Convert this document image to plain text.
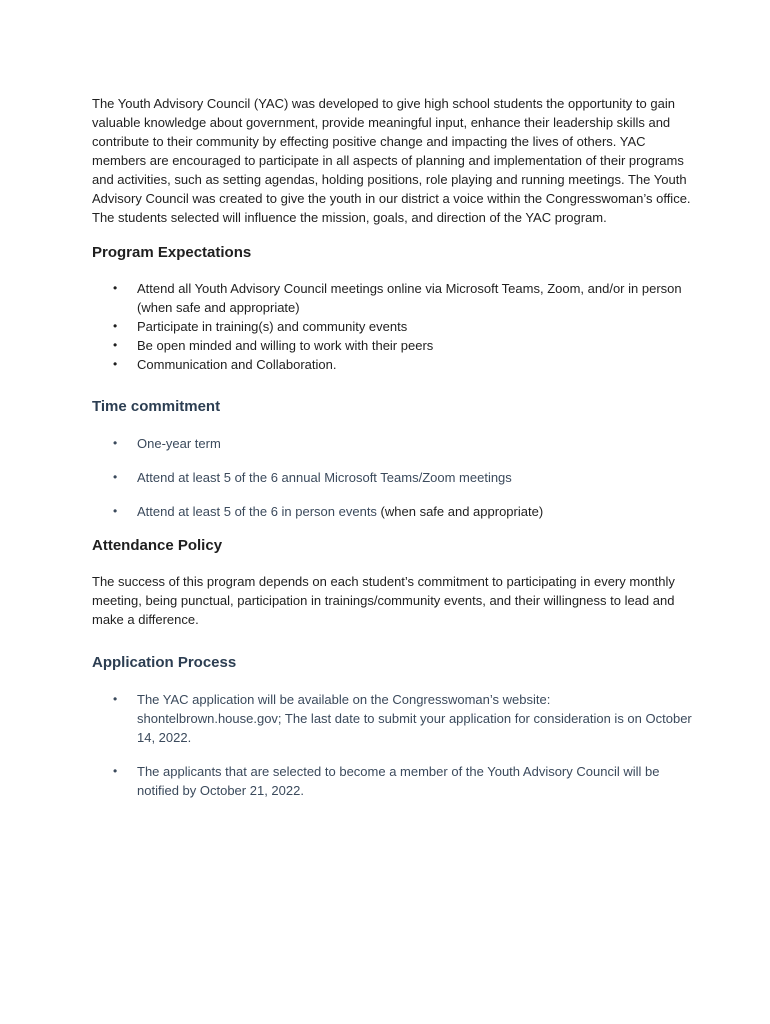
The Youth Advisory Council (YAC) was developed to give high school students the opportunity to gain valuable knowledge about government, provide meaningful input, enhance their leadership skills and contribute to their community by effecting positive change and impacting the lives of others. YAC members are encouraged to participate in all aspects of planning and implementation of their programs and activities, such as setting agendas, holding positions, role playing and running meetings. The Youth Advisory Council was created to give the youth in our district a voice within the Congresswoman’s office. The students selected will influence the mission, goals, and direction of the YAC program.

Program Expectations
• Attend all Youth Advisory Council meetings online via Microsoft Teams, Zoom, and/or in person (when safe and appropriate)
• Participate in training(s) and community events
• Be open minded and willing to work with their peers
• Communication and Collaboration.
Time commitment
• One-year term
• Attend at least 5 of the 6 annual Microsoft Teams/Zoom meetings
• Attend at least 5 of the 6 in person events (when safe and appropriate)
Attendance Policy

The success of this program depends on each student’s commitment to participating in every monthly meeting, being punctual, participation in trainings/community events, and their willingness to lead and make a difference.

Application Process
• The YAC application will be available on the Congresswoman’s website: shontelbrown.house.gov; The last date to submit your application for consideration is on October 14, 2022.
• The applicants that are selected to become a member of the Youth Advisory Council will be notified by October 21, 2022.
